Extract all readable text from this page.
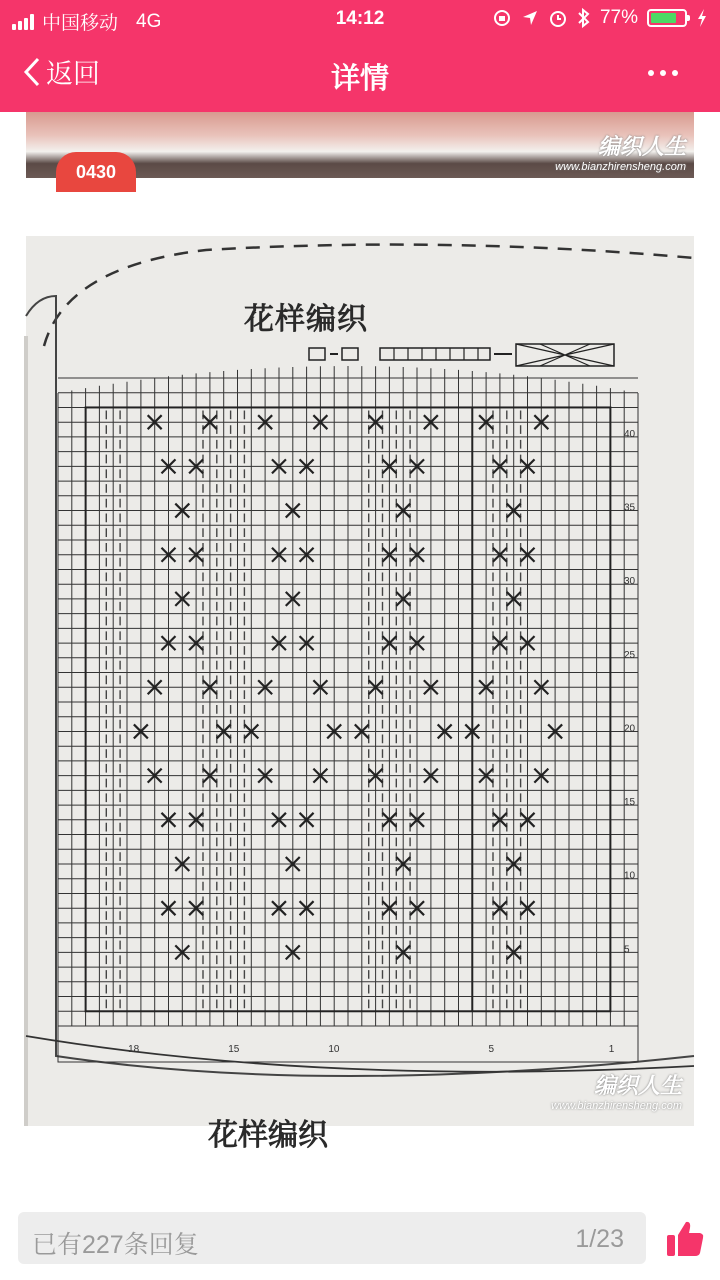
中国移动 4G	14:12	77%
返回	详情
0430
编织人生
www.bianzhirensheng.com
花样编织
40
35
30
25
20
15
10
5
18	15	10	5	1
编织人生
www.bianzhirensheng.com
花样编织
已有227条回复	1/23
